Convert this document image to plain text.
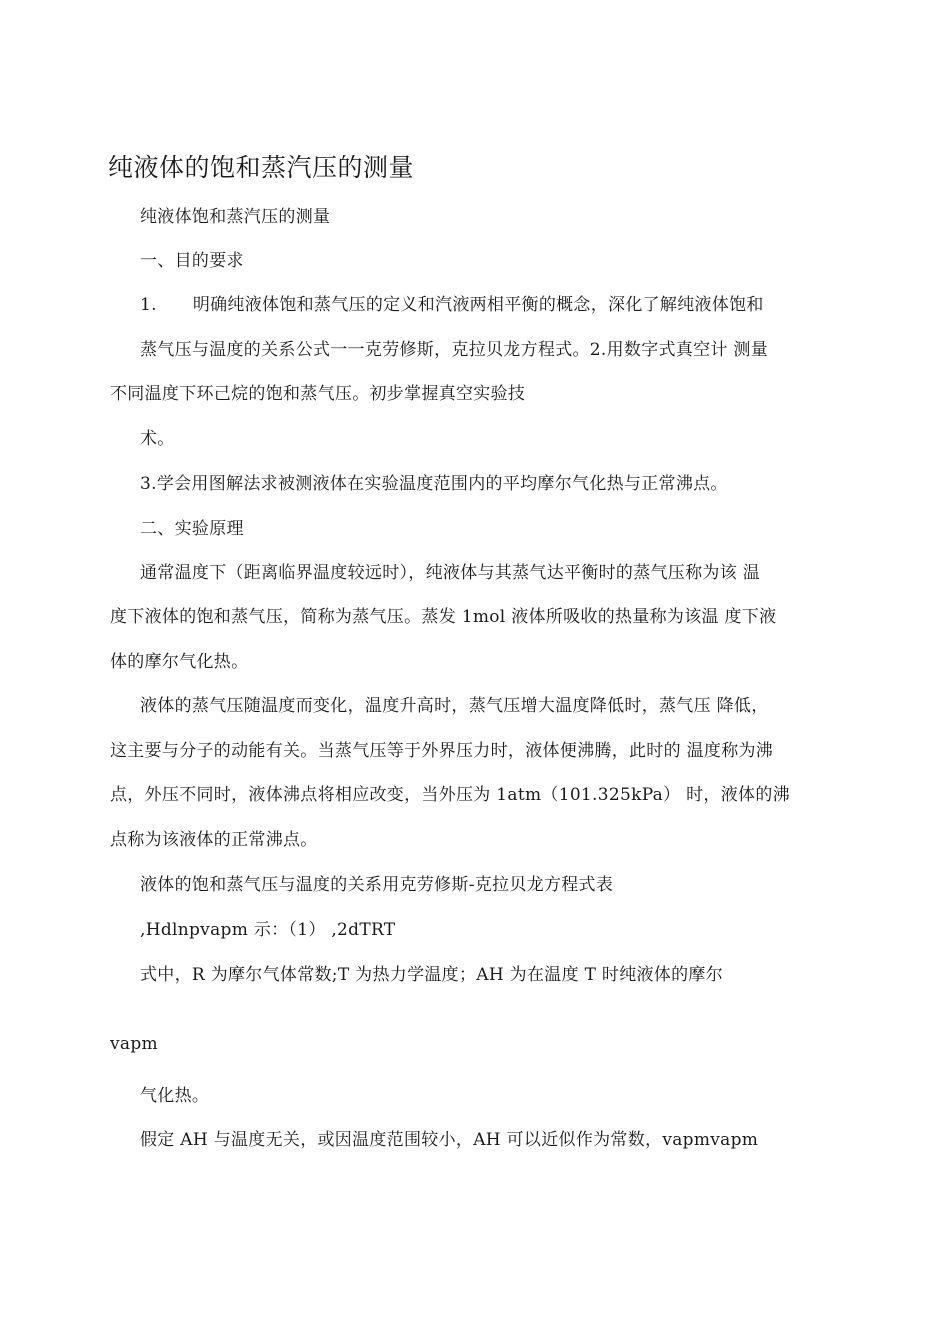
纯液体的饱和蒸汽压的测量
纯液体饱和蒸汽压的测量
一、目的要求
1. 明确纯液体饱和蒸气压的定义和汽液两相平衡的概念，深化了解纯液体饱和
蒸气压与温度的关系公式一一克劳修斯，克拉贝龙方程式。2.用数字式真空计 测量
不同温度下环己烷的饱和蒸气压。初步掌握真空实验技
术。
3.学会用图解法求被测液体在实验温度范围内的平均摩尔气化热与正常沸点。
二、实验原理
通常温度下（距离临界温度较远时），纯液体与其蒸气达平衡时的蒸气压称为该 温
度下液体的饱和蒸气压，简称为蒸气压。蒸发 1mol 液体所吸收的热量称为该温 度下液
体的摩尔气化热。
液体的蒸气压随温度而变化，温度升高时，蒸气压增大温度降低时，蒸气压 降低，
这主要与分子的动能有关。当蒸气压等于外界压力时，液体便沸腾，此时的 温度称为沸
点，外压不同时，液体沸点将相应改变，当外压为 1atm（101.325kPa） 时，液体的沸
点称为该液体的正常沸点。
液体的饱和蒸气压与温度的关系用克劳修斯-克拉贝龙方程式表
,Hdlnpvapm 示：（1） ,2dTRT
式中，R 为摩尔气体常数;T 为热力学温度；AH 为在温度 T 时纯液体的摩尔
vapm
气化热。
假定 AH 与温度无关，或因温度范围较小，AH 可以近似作为常数，vapmvapm
